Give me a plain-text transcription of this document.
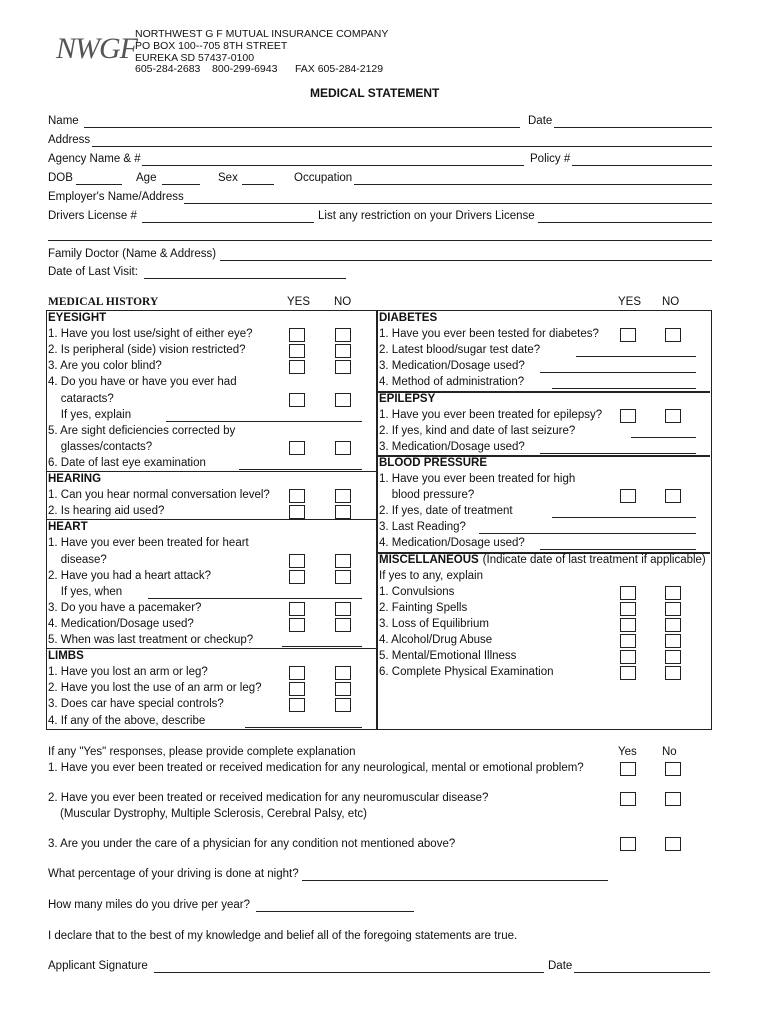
NWGF
NORTHWEST G F MUTUAL INSURANCE COMPANY
PO BOX 100--705 8TH STREET
EUREKA SD 57437-0100
605-284-2683    800-299-6943      FAX 605-284-2129
MEDICAL STATEMENT
Name	Date
Address
Agency Name & #	Policy #
DOB	Age	Sex	Occupation
Employer's Name/Address
Drivers License #	List any restriction on your Drivers License
Family Doctor (Name & Address)
Date of Last Visit:
MEDICAL HISTORY	YES NO	YES NO
EYESIGHT
1. Have you lost use/sight of either eye?
2. Is peripheral (side) vision restricted?
3. Are you color blind?
4. Do you have or have you ever had
cataracts?
If yes, explain
5. Are sight deficiencies corrected by
glasses/contacts?
6. Date of last eye examination
HEARING
1. Can you hear normal conversation level?
2. Is hearing aid used?
HEART
1. Have you ever been treated for heart
disease?
2. Have you had a heart attack?
If yes, when
3. Do you have a pacemaker?
4. Medication/Dosage used?
5. When was last treatment or checkup?
LIMBS
1. Have you lost an arm or leg?
2. Have you lost the use of an arm or leg?
3. Does car have special controls?
4. If any of the above, describe
DIABETES
1. Have you ever been tested for diabetes?
2. Latest blood/sugar test date?
3. Medication/Dosage used?
4. Method of administration?
EPILEPSY
1. Have you ever been treated for epilepsy?
2. If yes, kind and date of last seizure?
3. Medication/Dosage used?
BLOOD PRESSURE
1. Have you ever been treated for high
blood pressure?
2. If yes, date of treatment
3. Last Reading?
4. Medication/Dosage used?
MISCELLANEOUS (Indicate date of last treatment if applicable)
If yes to any, explain
1. Convulsions
2. Fainting Spells
3. Loss of Equilibrium
4. Alcohol/Drug Abuse
5. Mental/Emotional Illness
6. Complete Physical Examination
If any "Yes" responses, please provide complete explanation	Yes No
1. Have you ever been treated or received medication for any neurological, mental or emotional problem?
2. Have you ever been treated or received medication for any neuromuscular disease?
(Muscular Dystrophy, Multiple Sclerosis, Cerebral Palsy, etc)
3. Are you under the care of a physician for any condition not mentioned above?
What percentage of your driving is done at night?
How many miles do you drive per year?
I declare that to the best of my knowledge and belief all of the foregoing statements are true.
Applicant Signature	Date
